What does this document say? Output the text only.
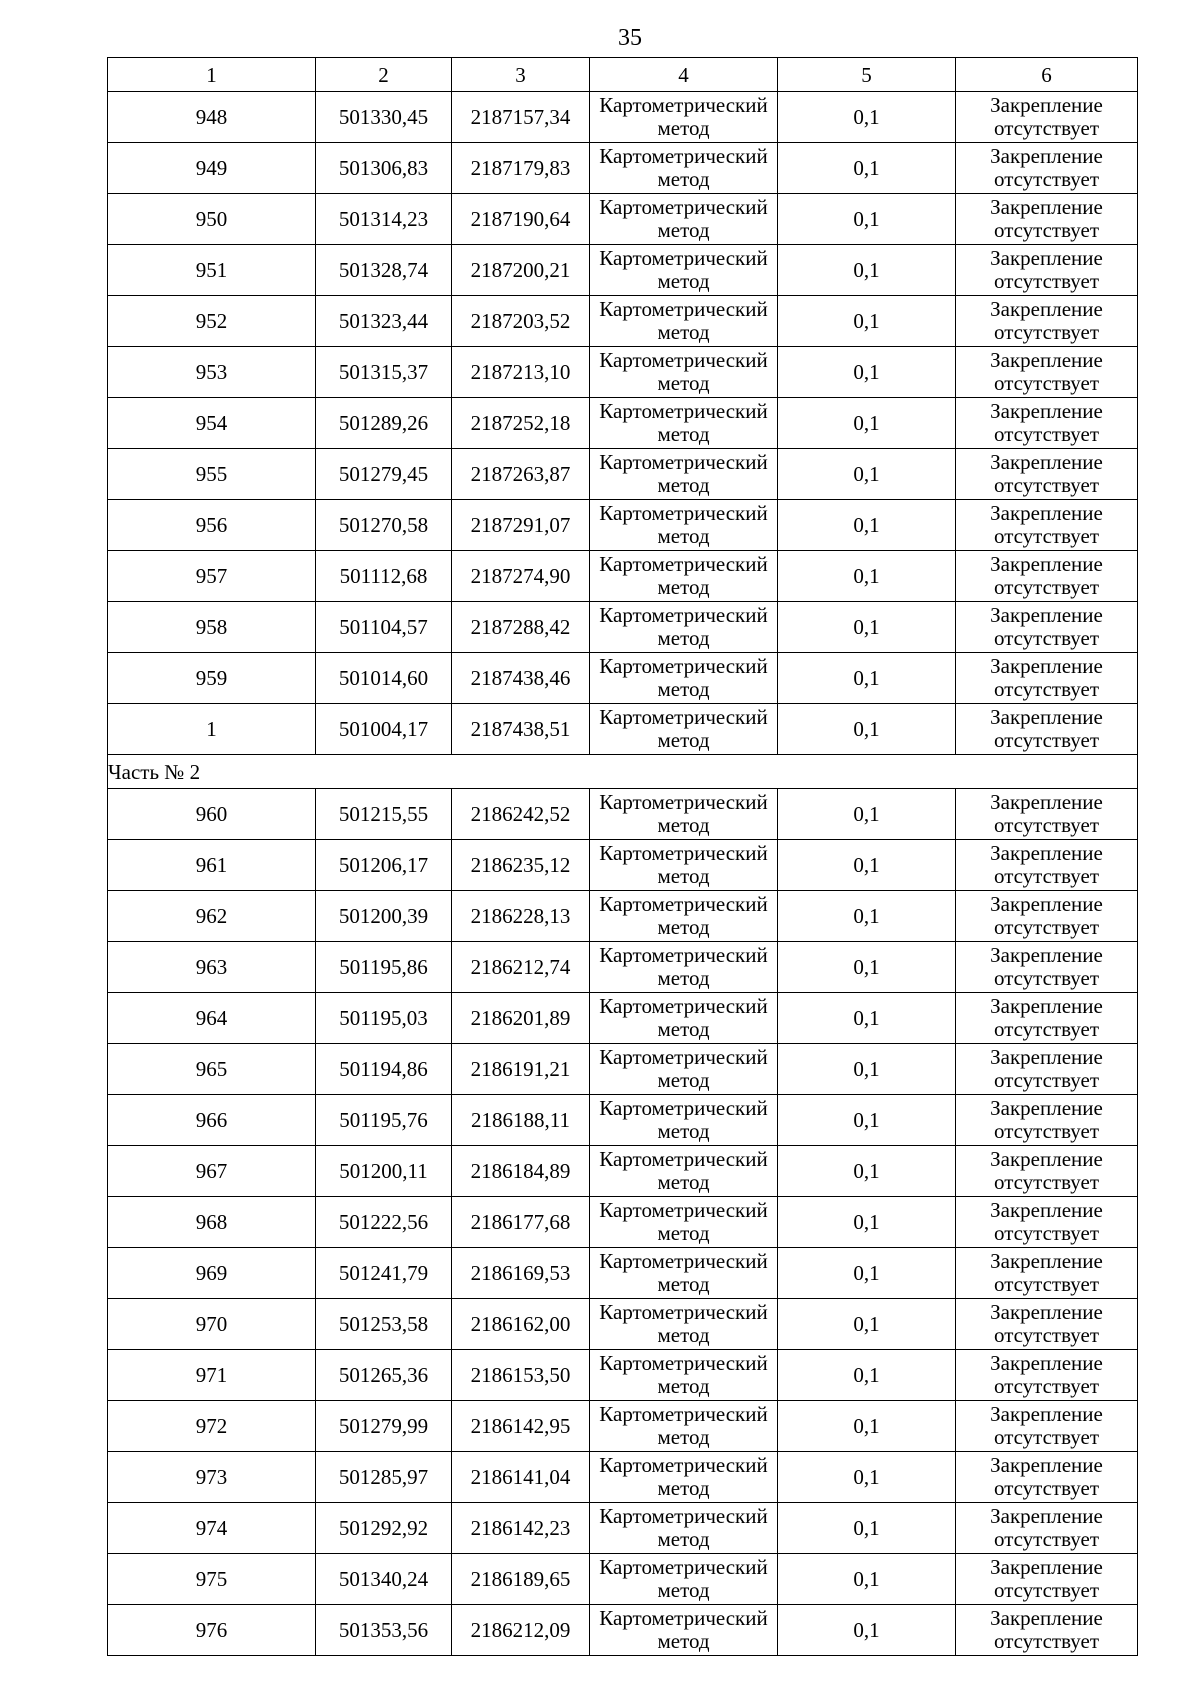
35
1	2	3	4	5	6
948	501330,45	2187157,34	Картометрический метод	0,1	Закрепление отсутствует
949	501306,83	2187179,83	Картометрический метод	0,1	Закрепление отсутствует
950	501314,23	2187190,64	Картометрический метод	0,1	Закрепление отсутствует
951	501328,74	2187200,21	Картометрический метод	0,1	Закрепление отсутствует
952	501323,44	2187203,52	Картометрический метод	0,1	Закрепление отсутствует
953	501315,37	2187213,10	Картометрический метод	0,1	Закрепление отсутствует
954	501289,26	2187252,18	Картометрический метод	0,1	Закрепление отсутствует
955	501279,45	2187263,87	Картометрический метод	0,1	Закрепление отсутствует
956	501270,58	2187291,07	Картометрический метод	0,1	Закрепление отсутствует
957	501112,68	2187274,90	Картометрический метод	0,1	Закрепление отсутствует
958	501104,57	2187288,42	Картометрический метод	0,1	Закрепление отсутствует
959	501014,60	2187438,46	Картометрический метод	0,1	Закрепление отсутствует
1	501004,17	2187438,51	Картометрический метод	0,1	Закрепление отсутствует
Часть № 2					
960	501215,55	2186242,52	Картометрический метод	0,1	Закрепление отсутствует
961	501206,17	2186235,12	Картометрический метод	0,1	Закрепление отсутствует
962	501200,39	2186228,13	Картометрический метод	0,1	Закрепление отсутствует
963	501195,86	2186212,74	Картометрический метод	0,1	Закрепление отсутствует
964	501195,03	2186201,89	Картометрический метод	0,1	Закрепление отсутствует
965	501194,86	2186191,21	Картометрический метод	0,1	Закрепление отсутствует
966	501195,76	2186188,11	Картометрический метод	0,1	Закрепление отсутствует
967	501200,11	2186184,89	Картометрический метод	0,1	Закрепление отсутствует
968	501222,56	2186177,68	Картометрический метод	0,1	Закрепление отсутствует
969	501241,79	2186169,53	Картометрический метод	0,1	Закрепление отсутствует
970	501253,58	2186162,00	Картометрический метод	0,1	Закрепление отсутствует
971	501265,36	2186153,50	Картометрический метод	0,1	Закрепление отсутствует
972	501279,99	2186142,95	Картометрический метод	0,1	Закрепление отсутствует
973	501285,97	2186141,04	Картометрический метод	0,1	Закрепление отсутствует
974	501292,92	2186142,23	Картометрический метод	0,1	Закрепление отсутствует
975	501340,24	2186189,65	Картометрический метод	0,1	Закрепление отсутствует
976	501353,56	2186212,09	Картометрический метод	0,1	Закрепление отсутствует
